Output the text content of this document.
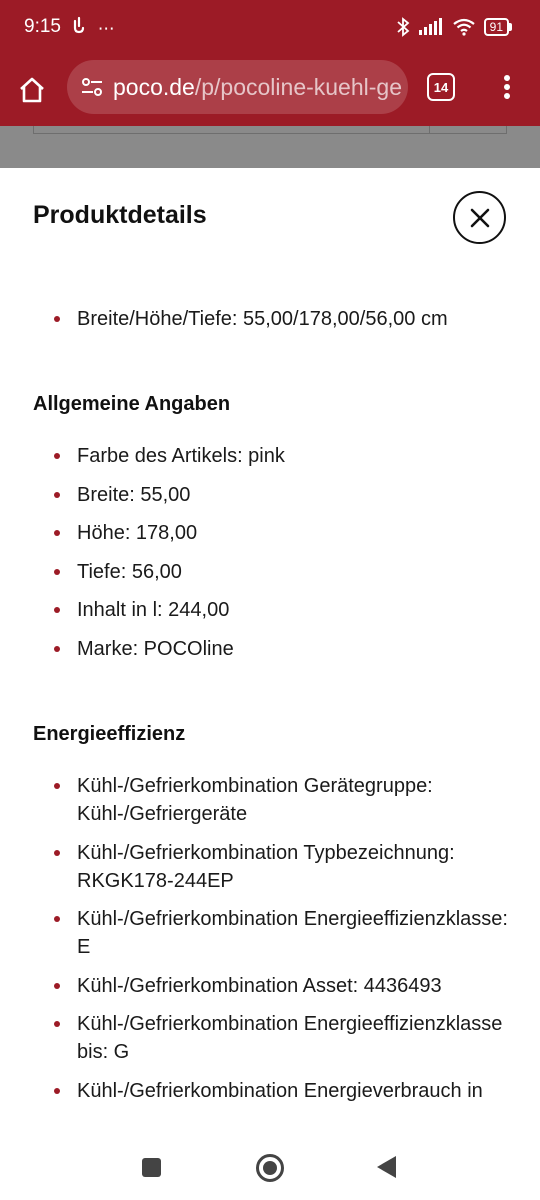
9:15	⋯	91
poco.de/p/pocoline-kuehl-ge	14
Produktdetails
Breite/Höhe/Tiefe: 55,00/178,00/56,00 cm
Allgemeine Angaben
Farbe des Artikels: pink
Breite: 55,00
Höhe: 178,00
Tiefe: 56,00
Inhalt in l: 244,00
Marke: POCOline
Energieeffizienz
Kühl-/Gefrierkombination Gerätegruppe: Kühl-/Gefriergeräte
Kühl-/Gefrierkombination Typbezeichnung: RKGK178-244EP
Kühl-/Gefrierkombination Energieeffizienzklasse: E
Kühl-/Gefrierkombination Asset: 4436493
Kühl-/Gefrierkombination Energieeffizienzklasse bis: G
Kühl-/Gefrierkombination Energieverbrauch in
